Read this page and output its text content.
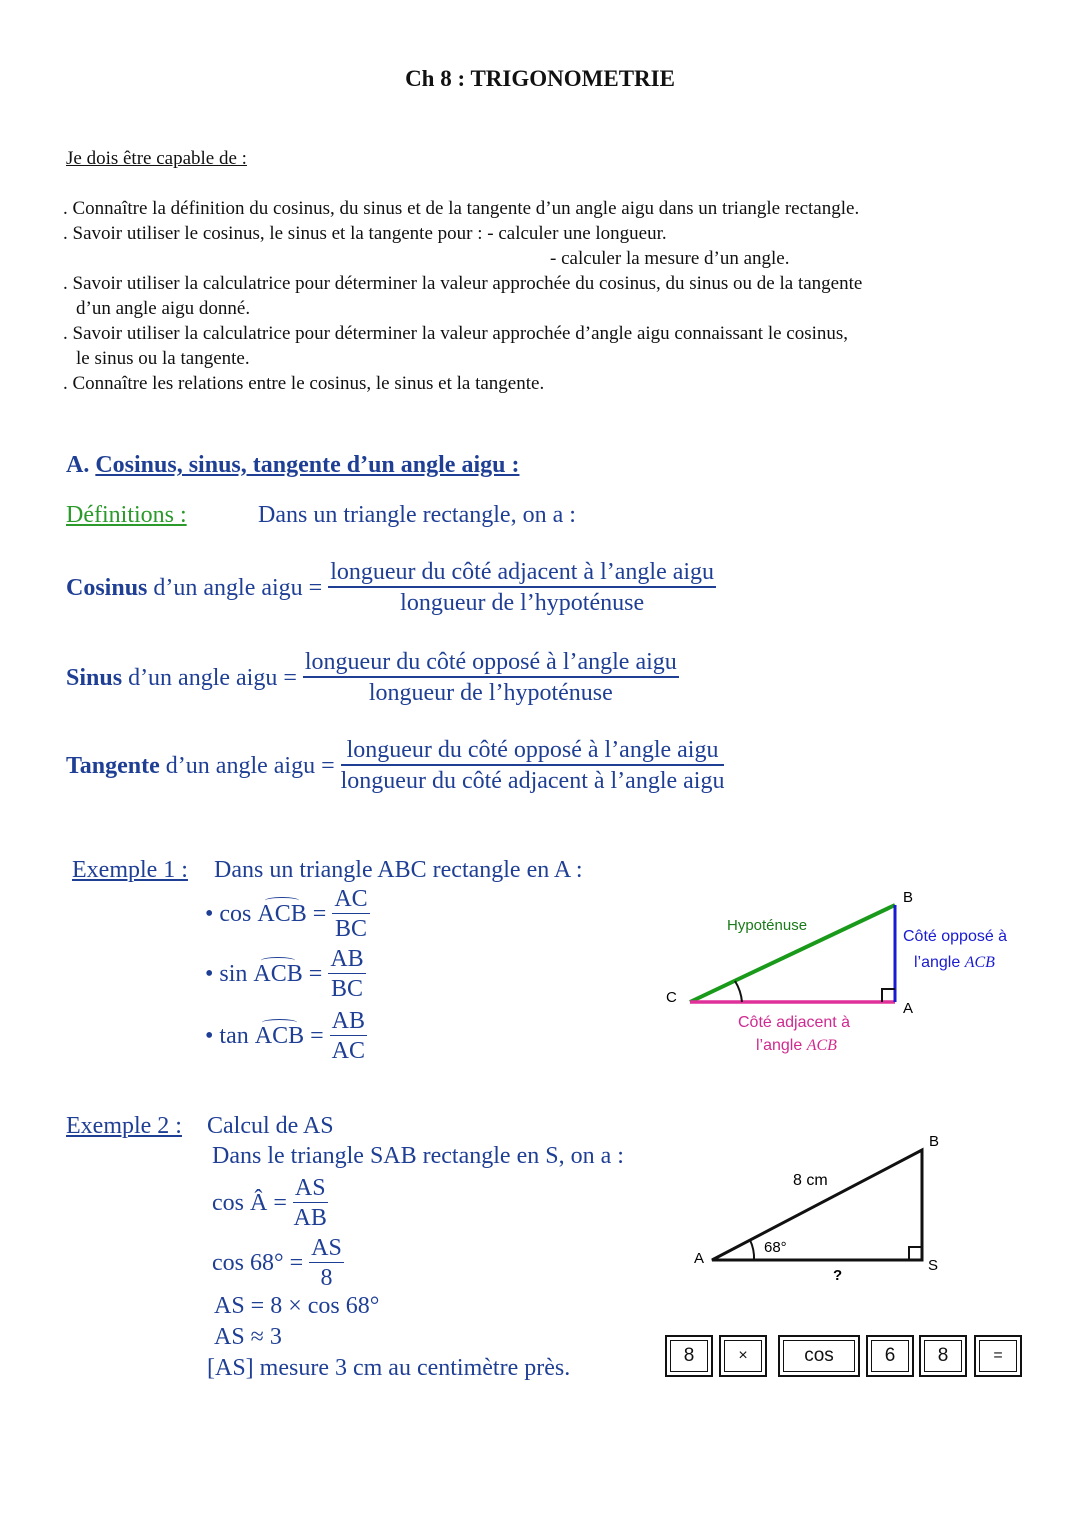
Ch 8 : TRIGONOMETRIE
Je dois être capable de :
. Connaître la définition du cosinus, du sinus et de la tangente d’un angle aigu dans un triangle rectangle.
. Savoir utiliser le cosinus, le sinus et la tangente pour : - calculer une longueur.
- calculer la mesure d’un angle.
. Savoir utiliser la calculatrice pour déterminer la valeur approchée du cosinus, du sinus ou de la tangente
d’un angle aigu donné.
. Savoir utiliser la calculatrice pour déterminer la valeur approchée d’angle aigu connaissant le cosinus,
le sinus ou la tangente.
. Connaître les relations entre le cosinus, le sinus et la tangente.
A. Cosinus, sinus, tangente d’un angle aigu :
Définitions :	Dans un triangle rectangle, on a :
Cosinus d’un angle aigu = $\frac{\text{longueur du côté adjacent à l’angle aigu}}{\text{longueur de l’hypoténuse}}$
Sinus d’un angle aigu = $\frac{\text{longueur du côté opposé à l’angle aigu}}{\text{longueur de l’hypoténuse}}$
Tangente d’un angle aigu = $\frac{\text{longueur du côté opposé à l’angle aigu}}{\text{longueur du côté adjacent à l’angle aigu}}$
Exemple 1 : Dans un triangle ABC rectangle en A :
• cos ACB = $\frac{AC}{BC}$
• sin ACB = $\frac{AB}{BC}$
• tan ACB = $\frac{AB}{AC}$
B
A
C
Hypoténuse
Côté opposé à
l’angle ACB
Côté adjacent à
l’angle ACB
Exemple 2 : Calcul de AS
Dans le triangle SAB rectangle en S, on a :
cos Â = $\frac{AS}{AB}$
$\cos 68^\circ = \frac{AS}{8}$
AS = 8 × cos 68°
AS ≈ 3
[AS] mesure 3 cm au centimètre près.
B
A	S
8 cm
68°
?
8	×	cos	6 8	=
